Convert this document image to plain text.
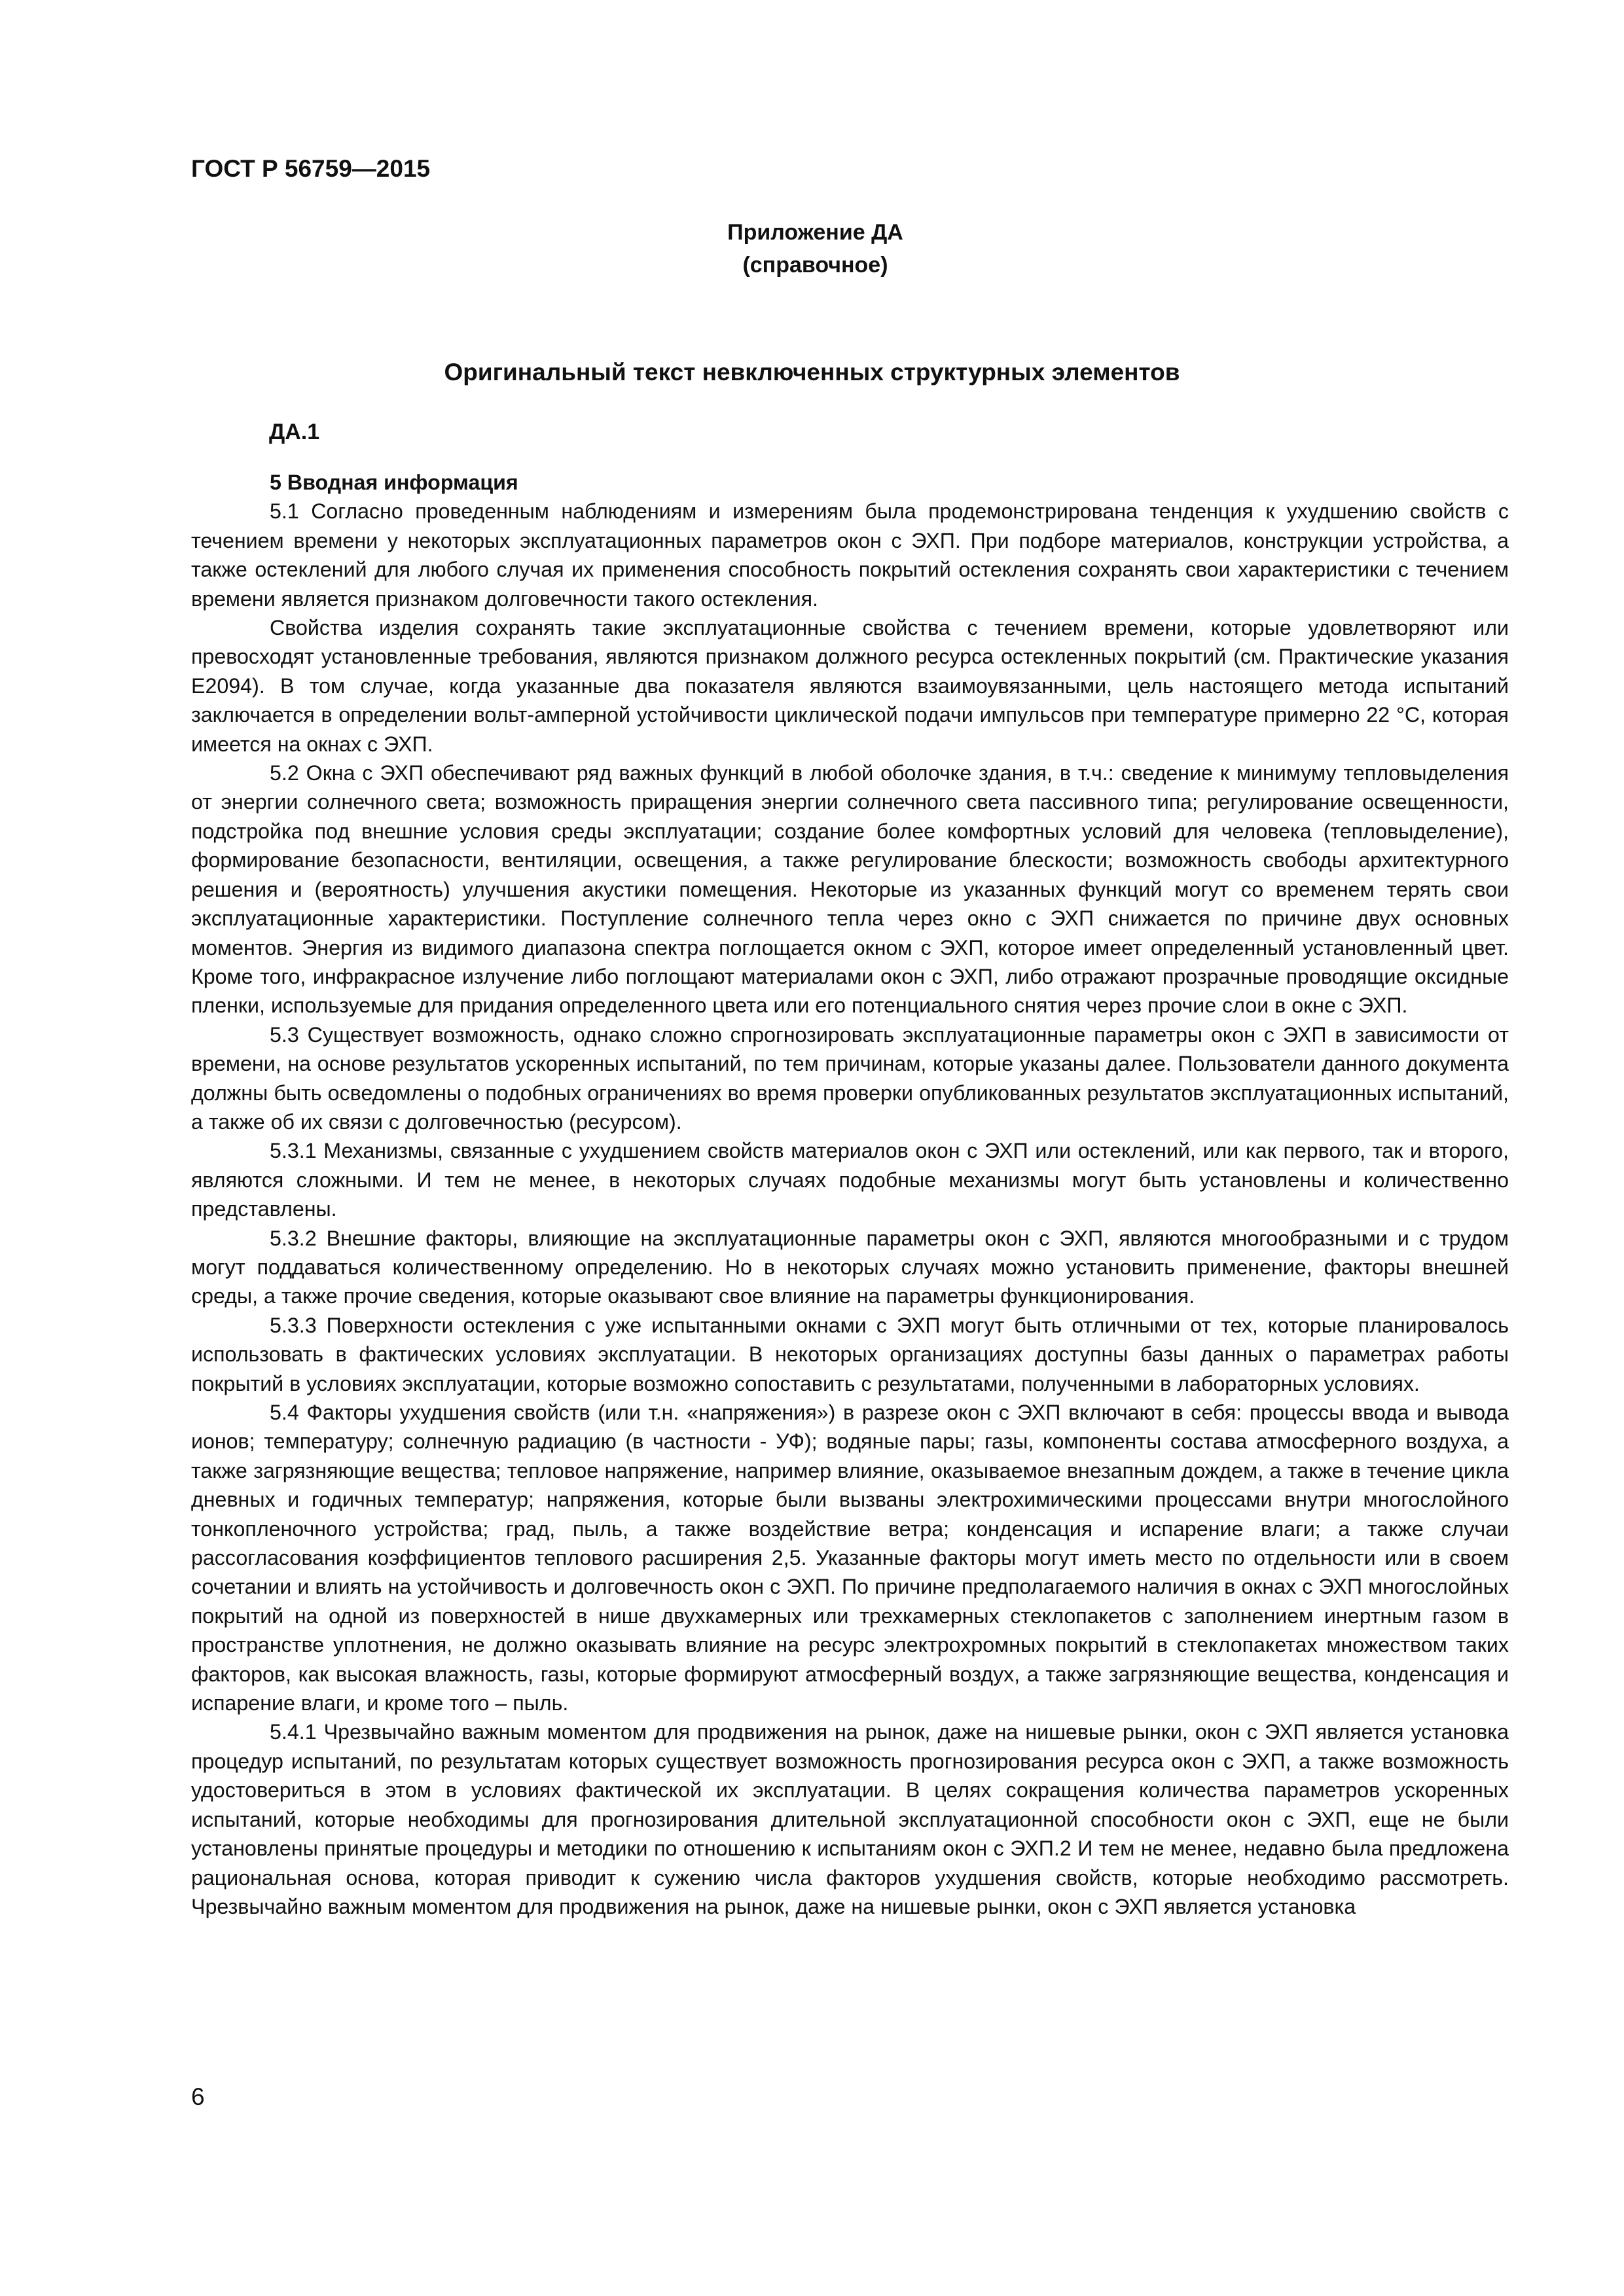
ГОСТ Р 56759—2015
Приложение ДА
(справочное)
Оригинальный текст невключенных структурных элементов
ДА.1

5 Вводная информация

5.1 Согласно проведенным наблюдениям и измерениям была продемонстрирована тенденция к ухудшению свойств с течением времени у некоторых эксплуатационных параметров окон с ЭХП. При подборе материалов, конструкции устройства, а также остеклений для любого случая их применения способность покрытий остекления сохранять свои характеристики с течением времени является признаком долговечности такого остекления.

Свойства изделия сохранять такие эксплуатационные свойства с течением времени, которые удовлетворяют или превосходят установленные требования, являются признаком должного ресурса остекленных покрытий (см. Практические указания Е2094). В том случае, когда указанные два показателя являются взаимоувязанными, цель настоящего метода испытаний заключается в определении вольт-амперной устойчивости циклической подачи импульсов при температуре примерно 22 °С, которая имеется на окнах с ЭХП.

5.2 Окна с ЭХП обеспечивают ряд важных функций в любой оболочке здания, в т.ч.: сведение к минимуму тепловыделения от энергии солнечного света; возможность приращения энергии солнечного света пассивного типа; регулирование освещенности, подстройка под внешние условия среды эксплуатации; создание более комфортных условий для человека (тепловыделение), формирование безопасности, вентиляции, освещения, а также регулирование блескости; возможность свободы архитектурного решения и (вероятность) улучшения акустики помещения. Некоторые из указанных функций могут со временем терять свои эксплуатационные характеристики. Поступление солнечного тепла через окно с ЭХП снижается по причине двух основных моментов. Энергия из видимого диапазона спектра поглощается окном с ЭХП, которое имеет определенный установленный цвет. Кроме того, инфракрасное излучение либо поглощают материалами окон с ЭХП, либо отражают прозрачные проводящие оксидные пленки, используемые для придания определенного цвета или его потенциального снятия через прочие слои в окне с ЭХП.

5.3 Существует возможность, однако сложно спрогнозировать эксплуатационные параметры окон с ЭХП в зависимости от времени, на основе результатов ускоренных испытаний, по тем причинам, которые указаны далее. Пользователи данного документа должны быть осведомлены о подобных ограничениях во время проверки опубликованных результатов эксплуатационных испытаний, а также об их связи с долговечностью (ресурсом).

5.3.1 Механизмы, связанные с ухудшением свойств материалов окон с ЭХП или остеклений, или как первого, так и второго, являются сложными. И тем не менее, в некоторых случаях подобные механизмы могут быть установлены и количественно представлены.

5.3.2 Внешние факторы, влияющие на эксплуатационные параметры окон с ЭХП, являются многообразными и с трудом могут поддаваться количественному определению. Но в некоторых случаях можно установить применение, факторы внешней среды, а также прочие сведения, которые оказывают свое влияние на параметры функционирования.

5.3.3 Поверхности остекления с уже испытанными окнами с ЭХП могут быть отличными от тех, которые планировалось использовать в фактических условиях эксплуатации. В некоторых организациях доступны базы данных о параметрах работы покрытий в условиях эксплуатации, которые возможно сопоставить с результатами, полученными в лабораторных условиях.

5.4 Факторы ухудшения свойств (или т.н. «напряжения») в разрезе окон с ЭХП включают в себя: процессы ввода и вывода ионов; температуру; солнечную радиацию (в частности - УФ); водяные пары; газы, компоненты состава атмосферного воздуха, а также загрязняющие вещества; тепловое напряжение, например влияние, оказываемое внезапным дождем, а также в течение цикла дневных и годичных температур; напряжения, которые были вызваны электрохимическими процессами внутри многослойного тонкопленочного устройства; град, пыль, а также воздействие ветра; конденсация и испарение влаги; а также случаи рассогласования коэффициентов теплового расширения 2,5. Указанные факторы могут иметь место по отдельности или в своем сочетании и влиять на устойчивость и долговечность окон с ЭХП. По причине предполагаемого наличия в окнах с ЭХП многослойных покрытий на одной из поверхностей в нише двухкамерных или трехкамерных стеклопакетов с заполнением инертным газом в пространстве уплотнения, не должно оказывать влияние на ресурс электрохромных покрытий в стеклопакетах множеством таких факторов, как высокая влажность, газы, которые формируют атмосферный воздух, а также загрязняющие вещества, конденсация и испарение влаги, и кроме того – пыль.

5.4.1 Чрезвычайно важным моментом для продвижения на рынок, даже на нишевые рынки, окон с ЭХП является установка процедур испытаний, по результатам которых существует возможность прогнозирования ресурса окон с ЭХП, а также возможность удостовериться в этом в условиях фактической их эксплуатации. В целях сокращения количества параметров ускоренных испытаний, которые необходимы для прогнозирования длительной эксплуатационной способности окон с ЭХП, еще не были установлены принятые процедуры и методики по отношению к испытаниям окон с ЭХП.2 И тем не менее, недавно была предложена рациональная основа, которая приводит к сужению числа факторов ухудшения свойств, которые необходимо рассмотреть. Чрезвычайно важным моментом для продвижения на рынок, даже на нишевые рынки, окон с ЭХП является установка

6
